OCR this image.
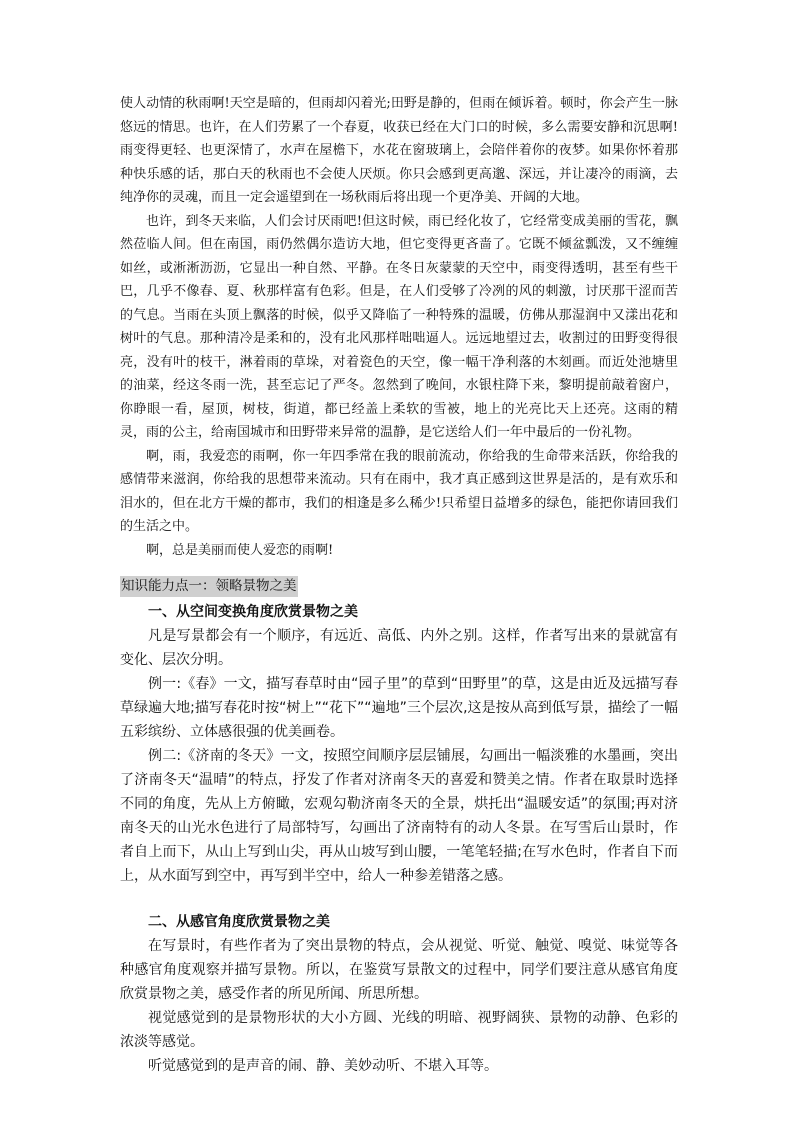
使人动情的秋雨啊!天空是暗的，但雨却闪着光;田野是静的，但雨在倾诉着。顿时，你会产生一脉悠远的情思。也许，在人们劳累了一个春夏，收获已经在大门口的时候，多么需要安静和沉思啊!雨变得更轻、也更深情了，水声在屋檐下，水花在窗玻璃上，会陪伴着你的夜梦。如果你怀着那种快乐感的话，那白天的秋雨也不会使人厌烦。你只会感到更高邈、深远，并让凄冷的雨滴，去纯净你的灵魂，而且一定会遥望到在一场秋雨后将出现一个更净美、开阔的大地。

也许，到冬天来临，人们会讨厌雨吧!但这时候，雨已经化妆了，它经常变成美丽的雪花，飘然莅临人间。但在南国，雨仍然偶尔造访大地，但它变得更吝啬了。它既不倾盆瓢泼，又不缠缠如丝，或淅淅沥沥，它显出一种自然、平静。在冬日灰蒙蒙的天空中，雨变得透明，甚至有些干巴，几乎不像春、夏、秋那样富有色彩。但是，在人们受够了冷冽的风的刺激，讨厌那干涩而苦的气息。当雨在头顶上飘落的时候，似乎又降临了一种特殊的温暖，仿佛从那湿润中又漾出花和树叶的气息。那种清冷是柔和的，没有北风那样咄咄逼人。远远地望过去，收割过的田野变得很亮，没有叶的枝干，淋着雨的草垛，对着瓷色的天空，像一幅干净利落的木刻画。而近处池塘里的油菜，经这冬雨一洗，甚至忘记了严冬。忽然到了晚间，水银柱降下来，黎明提前敲着窗户，你睁眼一看，屋顶，树枝，街道，都已经盖上柔软的雪被，地上的光亮比天上还亮。这雨的精灵，雨的公主，给南国城市和田野带来异常的温静，是它送给人们一年中最后的一份礼物。

啊，雨，我爱恋的雨啊，你一年四季常在我的眼前流动，你给我的生命带来活跃，你给我的感情带来滋润，你给我的思想带来流动。只有在雨中，我才真正感到这世界是活的，是有欢乐和泪水的，但在北方干燥的都市，我们的相逢是多么稀少!只希望日益增多的绿色，能把你请回我们的生活之中。

啊，总是美丽而使人爱恋的雨啊!

知识能力点一：领略景物之美

一、从空间变换角度欣赏景物之美

凡是写景都会有一个顺序，有远近、高低、内外之别。这样，作者写出来的景就富有变化、层次分明。

例一:《春》一文，描写春草时由“园子里”的草到“田野里”的草，这是由近及远描写春草绿遍大地;描写春花时按“树上”“花下”“遍地”三个层次,这是按从高到低写景，描绘了一幅五彩缤纷、立体感很强的优美画卷。

例二:《济南的冬天》一文，按照空间顺序层层铺展，勾画出一幅淡雅的水墨画，突出了济南冬天“温晴”的特点，抒发了作者对济南冬天的喜爱和赞美之情。作者在取景时选择不同的角度，先从上方俯瞰，宏观勾勒济南冬天的全景，烘托出“温暖安适”的氛围;再对济南冬天的山光水色进行了局部特写，勾画出了济南特有的动人冬景。在写雪后山景时，作者自上而下，从山上写到山尖，再从山坡写到山腰，一笔笔轻描;在写水色时，作者自下而上，从水面写到空中，再写到半空中，给人一种参差错落之感。

二、从感官角度欣赏景物之美

在写景时，有些作者为了突出景物的特点，会从视觉、听觉、触觉、嗅觉、味觉等各种感官角度观察并描写景物。所以，在鉴赏写景散文的过程中，同学们要注意从感官角度欣赏景物之美，感受作者的所见所闻、所思所想。

视觉感觉到的是景物形状的大小方圆、光线的明暗、视野阔狭、景物的动静、色彩的浓淡等感觉。

听觉感觉到的是声音的闹、静、美妙动听、不堪入耳等。
